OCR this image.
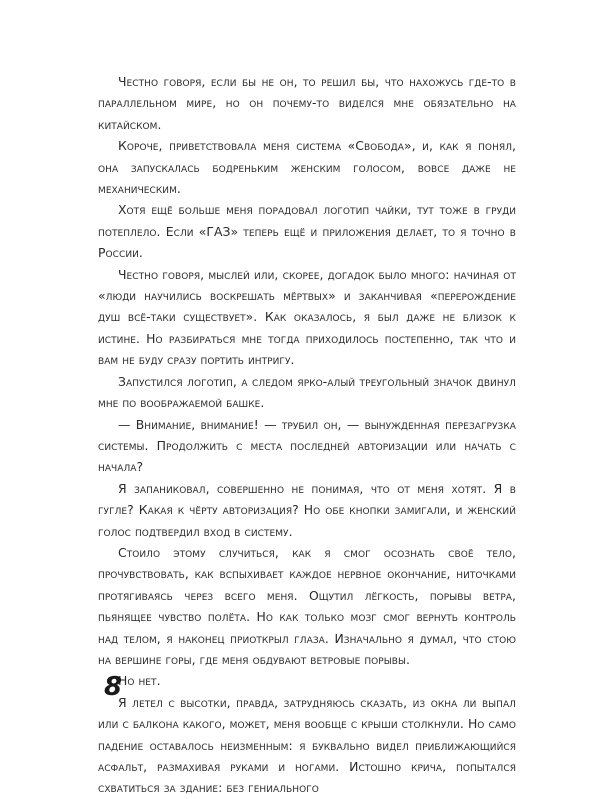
Честно говоря, если бы не он, то решил бы, что нахожусь где-то в параллельном мире, но он почему-то виделся мне обязательно на китайском.

Короче, приветствовала меня система «Свобода», и, как я понял, она запускалась бодреньким женским голосом, вовсе даже не механическим.

Хотя ещё больше меня порадовал логотип чайки, тут тоже в груди потеплело. Если «ГАЗ» теперь ещё и приложения делает, то я точно в России.

Честно говоря, мыслей или, скорее, догадок было много: начиная от «люди научились воскрешать мёртвых» и заканчивая «перерождение душ всё-таки существует». Как оказалось, я был даже не близок к истине. Но разбираться мне тогда приходилось постепенно, так что и вам не буду сразу портить интригу.

Запустился логотип, а следом ярко-алый треугольный значок двинул мне по воображаемой башке.

— Внимание, внимание! — трубил он, — вынужденная перезагрузка системы. Продолжить с места последней авторизации или начать с начала?

Я запаниковал, совершенно не понимая, что от меня хотят. Я в гугле? Какая к чёрту авторизация? Но обе кнопки замигали, и женский голос подтвердил вход в систему.

Стоило этому случиться, как я смог осознать своё тело, прочувствовать, как вспыхивает каждое нервное окончание, ниточками протягиваясь через всего меня. Ощутил лёгкость, порывы ветра, пьянящее чувство полёта. Но как только мозг смог вернуть контроль над телом, я наконец приоткрыл глаза. Изначально я думал, что стою на вершине горы, где меня обдувают ветровые порывы.

Но нет.

Я летел с высотки, правда, затрудняюсь сказать, из окна ли выпал или с балкона какого, может, меня вообще с крыши столкнули. Но само падение оставалось неизменным: я буквально видел приближающийся асфальт, размахивая руками и ногами. Истошно крича, попытался схватиться за здание: без гениального

8
